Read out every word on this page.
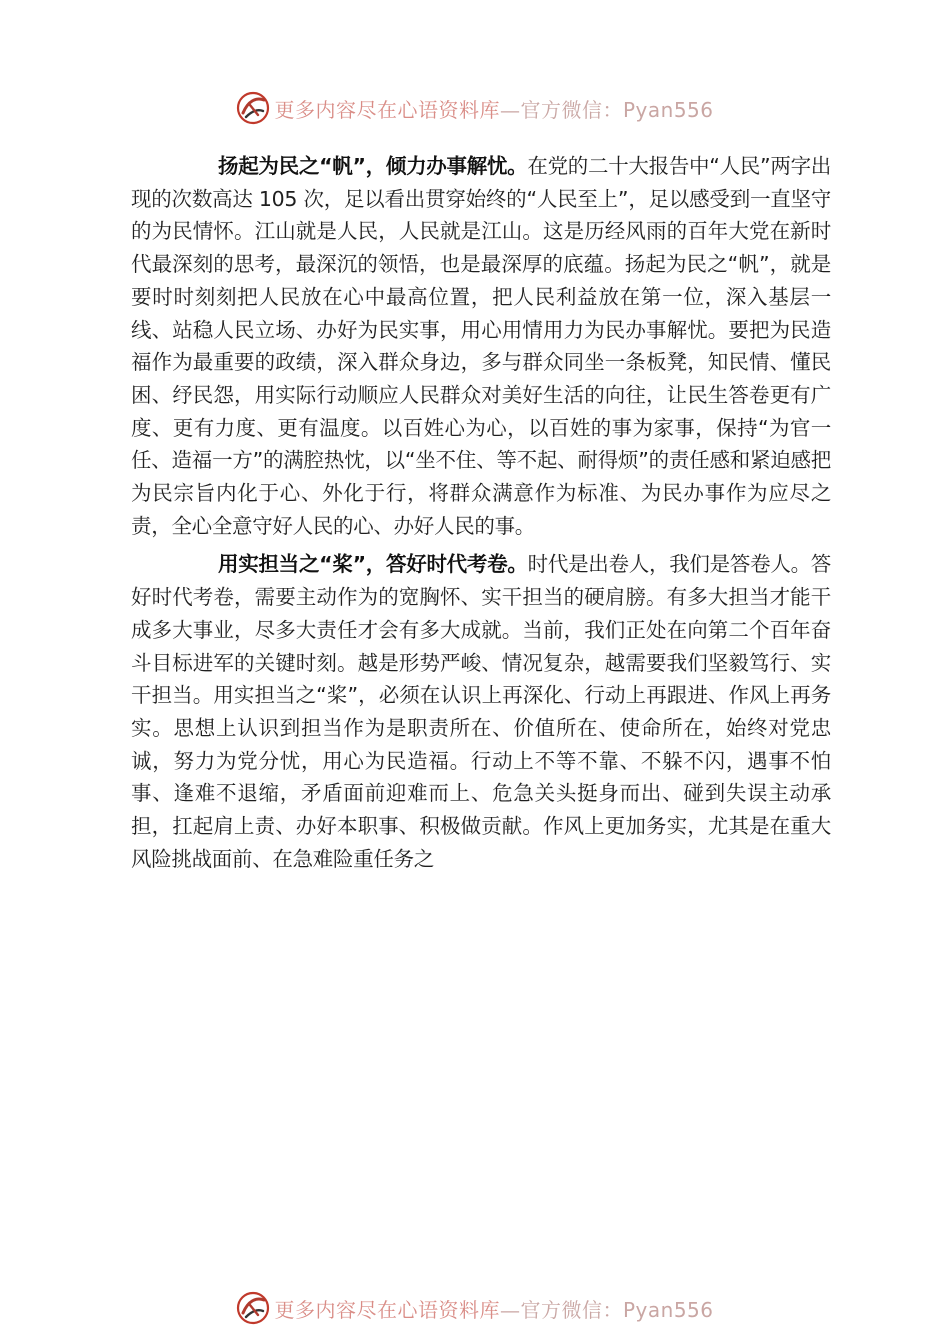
更多内容尽在心语资料库—官方微信：Pyan556

扬起为民之“帆”，倾力办事解忧。在党的二十大报告中“人民”两字出现的次数高达 105 次，足以看出贯穿始终的“人民至上”，足以感受到一直坚守的为民情怀。江山就是人民，人民就是江山。这是历经风雨的百年大党在新时代最深刻的思考，最深沉的领悟，也是最深厚的底蕴。扬起为民之“帆”，就是要时时刻刻把人民放在心中最高位置，把人民利益放在第一位，深入基层一线、站稳人民立场、办好为民实事，用心用情用力为民办事解忧。要把为民造福作为最重要的政绩，深入群众身边，多与群众同坐一条板凳，知民情、懂民困、纾民怨，用实际行动顺应人民群众对美好生活的向往，让民生答卷更有广度、更有力度、更有温度。以百姓心为心，以百姓的事为家事，保持“为官一任、造福一方”的满腔热忱，以“坐不住、等不起、耐得烦”的责任感和紧迫感把为民宗旨内化于心、外化于行，将群众满意作为标准、为民办事作为应尽之责，全心全意守好人民的心、办好人民的事。

用实担当之“桨”，答好时代考卷。时代是出卷人，我们是答卷人。答好时代考卷，需要主动作为的宽胸怀、实干担当的硬肩膀。有多大担当才能干成多大事业，尽多大责任才会有多大成就。当前，我们正处在向第二个百年奋斗目标进军的关键时刻。越是形势严峻、情况复杂，越需要我们坚毅笃行、实干担当。用实担当之“桨”，必须在认识上再深化、行动上再跟进、作风上再务实。思想上认识到担当作为是职责所在、价值所在、使命所在，始终对党忠诚，努力为党分忧，用心为民造福。行动上不等不靠、不躲不闪，遇事不怕事、逢难不退缩，矛盾面前迎难而上、危急关头挺身而出、碰到失误主动承担，扛起肩上责、办好本职事、积极做贡献。作风上更加务实，尤其是在重大风险挑战面前、在急难险重任务之

更多内容尽在心语资料库—官方微信：Pyan556
